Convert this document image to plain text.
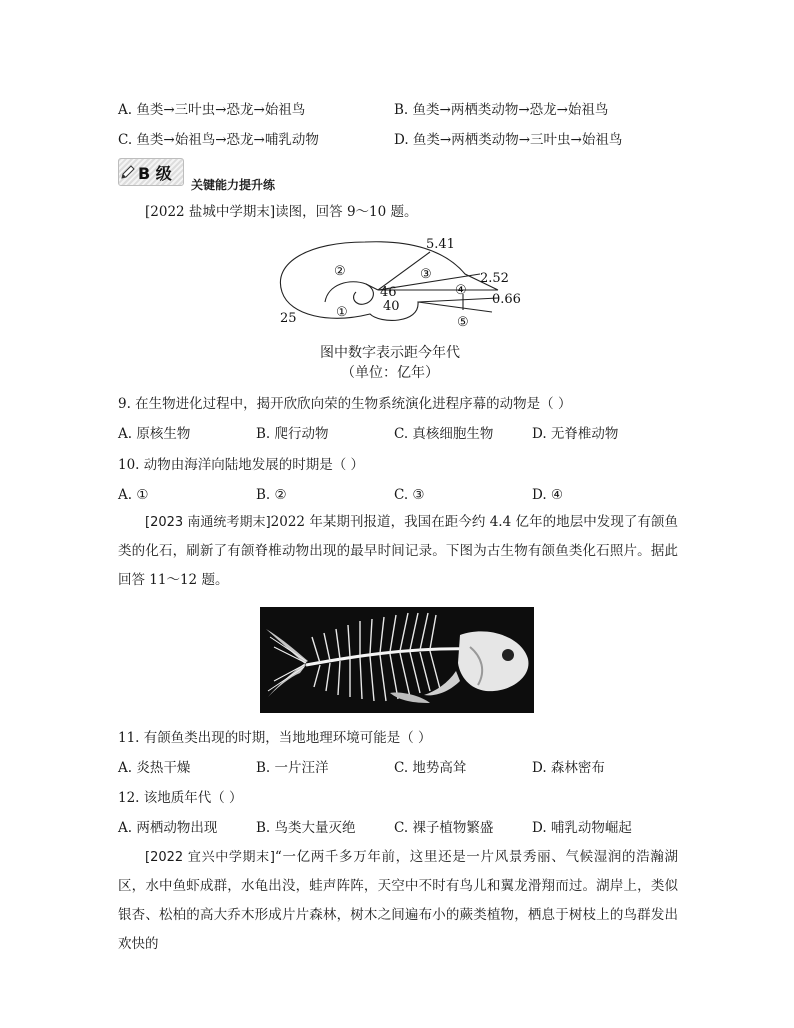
A. 鱼类→三叶虫→恐龙→始祖鸟	B. 鱼类→两栖类动物→恐龙→始祖鸟
C. 鱼类→始祖鸟→恐龙→哺乳动物	D. 鱼类→两栖类动物→三叶虫→始祖鸟
B 级
关键能力提升练
[2022 盐城中学期末]读图，回答 9～10 题。
5.41
2.52
0.66
46
40
25
②	③
④
⑤
①
图中数字表示距今年代
（单位：亿年）
9. 在生物进化过程中，揭开欣欣向荣的生物系统演化进程序幕的动物是（ ）
A. 原核生物	B. 爬行动物	C. 真核细胞生物	D. 无脊椎动物
10. 动物由海洋向陆地发展的时期是（ ）
A. ①	B. ②	C. ③	D. ④
[2023 南通统考期末]2022 年某期刊报道，我国在距今约 4.4 亿年的地层中发现了有颌鱼类的化石，刷新了有颌脊椎动物出现的最早时间记录。下图为古生物有颌鱼类化石照片。据此回答 11～12 题。
11. 有颌鱼类出现的时期，当地地理环境可能是（ ）
A. 炎热干燥	B. 一片汪洋	C. 地势高耸	D. 森林密布
12. 该地质年代（ ）
A. 两栖动物出现	B. 鸟类大量灭绝	C. 裸子植物繁盛	D. 哺乳动物崛起
[2022 宜兴中学期末]“一亿两千多万年前，这里还是一片风景秀丽、气候湿润的浩瀚湖区，水中鱼虾成群，水龟出没，蛙声阵阵，天空中不时有鸟儿和翼龙滑翔而过。湖岸上，类似银杏、松柏的高大乔木形成片片森林，树木之间遍布小的蕨类植物，栖息于树枝上的鸟群发出欢快的
